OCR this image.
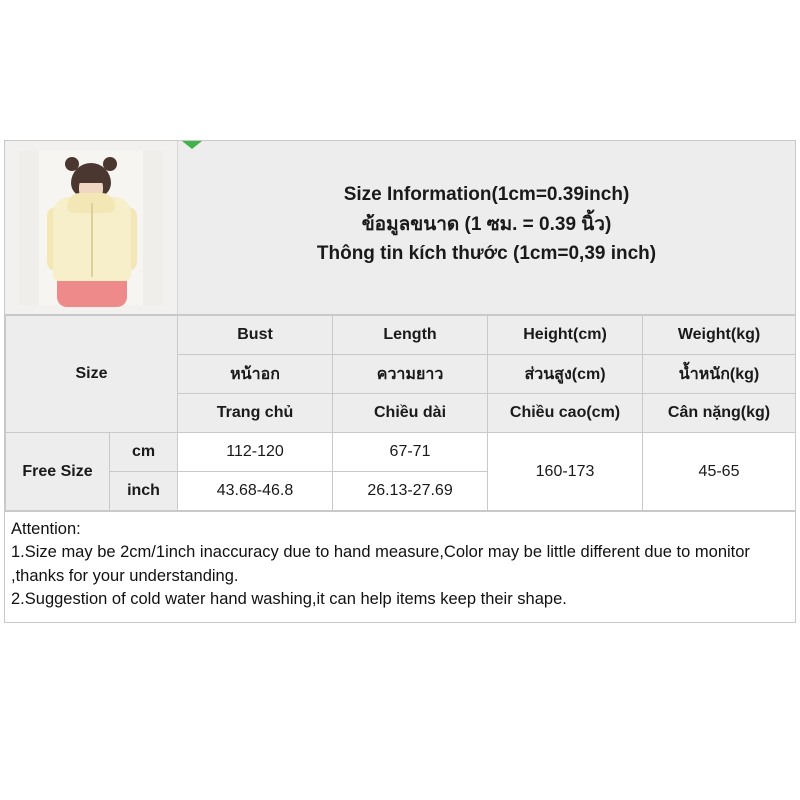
Size Information(1cm=0.39inch)
ข้อมูลขนาด (1 ซม. = 0.39 นิ้ว)
Thông tin kích thước (1cm=0,39 inch)
Size		Bust	Length	Height(cm)	Weight(kg)
		หน้าอก	ความยาว	ส่วนสูง(cm)	น้ำหนัก(kg)
		Trang chủ	Chiều dài	Chiều cao(cm)	Cân nặng(kg)
Free Size	cm	112-120	67-71	160-173	45-65
	inch	43.68-46.8	26.13-27.69		

Attention:

1.Size may be 2cm/1inch inaccuracy due to hand measure,Color may be little different due to monitor ,thanks for your understanding.

2.Suggestion of cold water hand washing,it can help items keep their shape.
